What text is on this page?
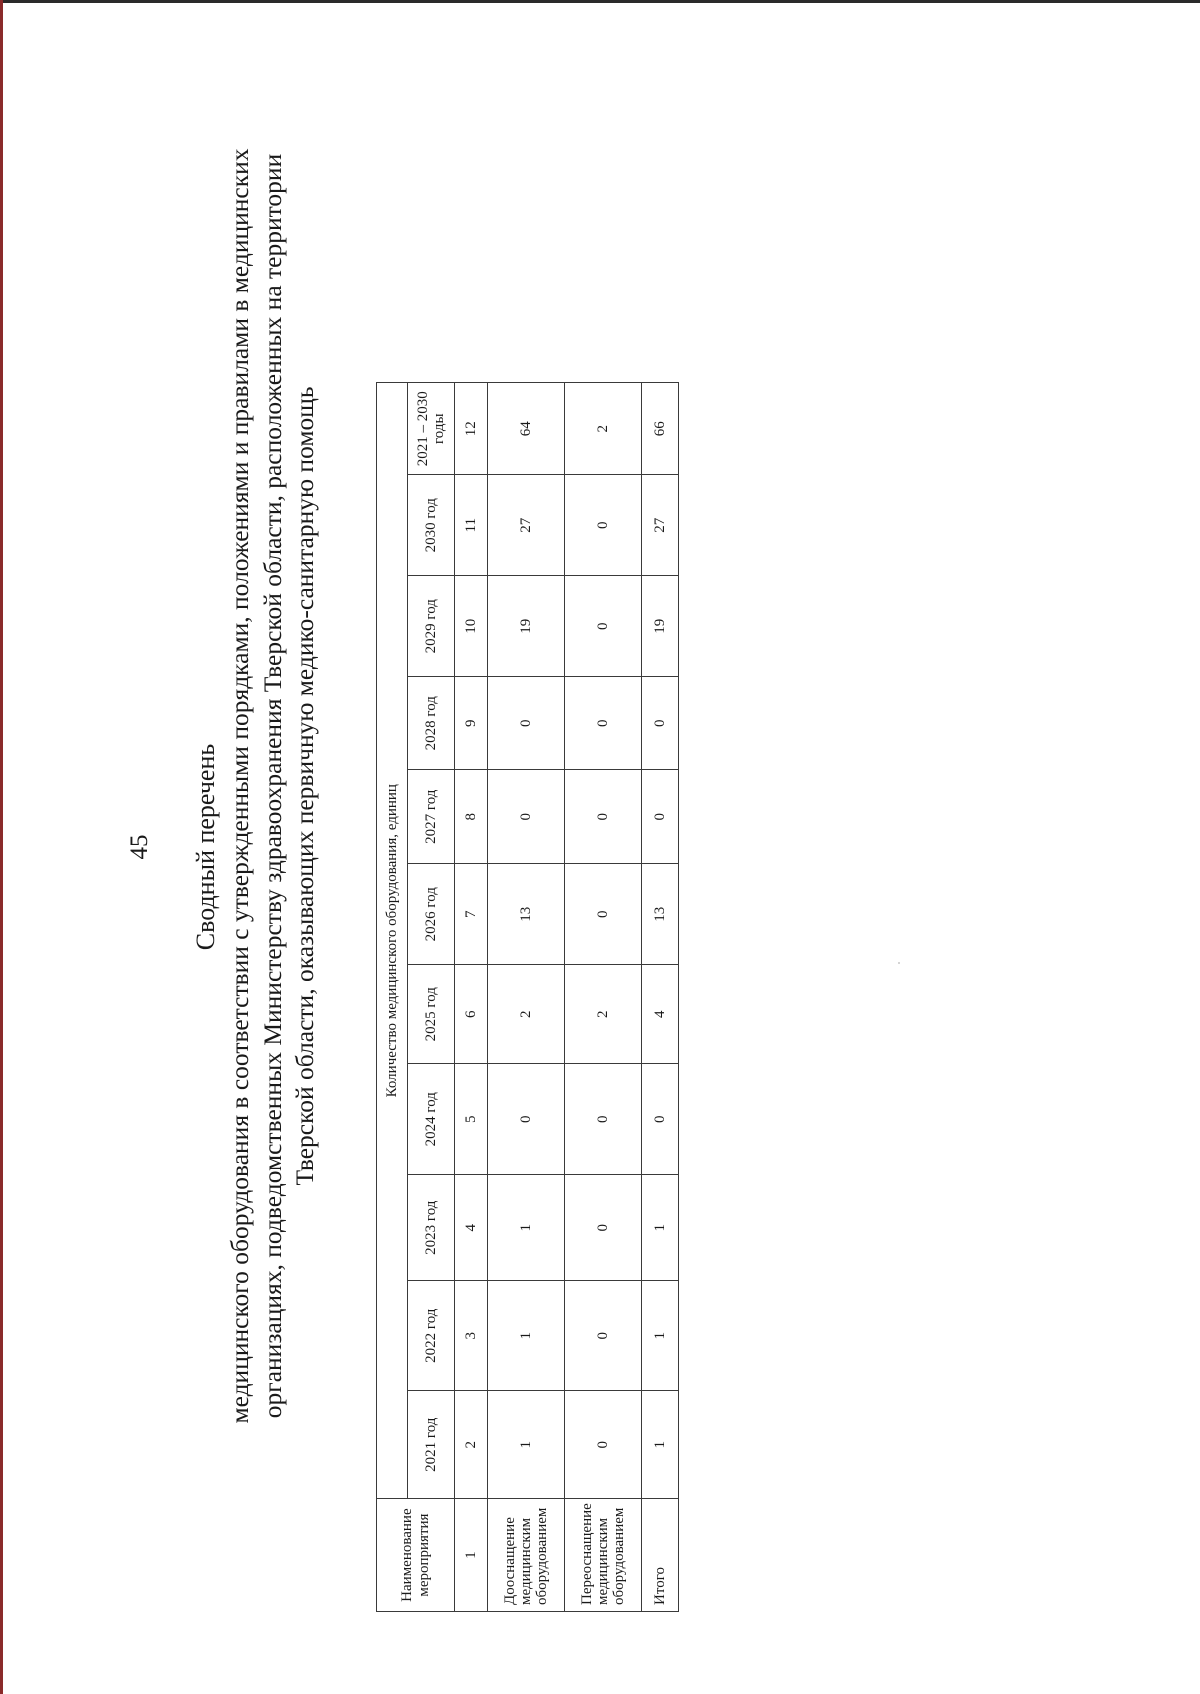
45 Сводный перечень медицинского оборудования в соответствии с утвержденными порядками, положениями и правилами в медицинских организациях, подведомственных Министерству здравоохранения Тверской области, расположенных на территории Тверской области, оказывающих первичную медико-санитарную помощь
Наименование мероприятия	Количество медицинского оборудования, единиц										
	2021 год	2022 год	2023 год	2024 год	2025 год	2026 год	2027 год	2028 год	2029 год	2030 год	2021 – 2030 годы
1	2	3	4	5	6	7	8	9	10	11	12
Дооснащение медицинским оборудованием	1	1	1	0	2	13	0	0	19	27	64
Переоснащение медицинским оборудованием	0	0	0	0	2	0	0	0	0	0	2
Итого	1	1	1	0	4	13	0	0	19	27	66
